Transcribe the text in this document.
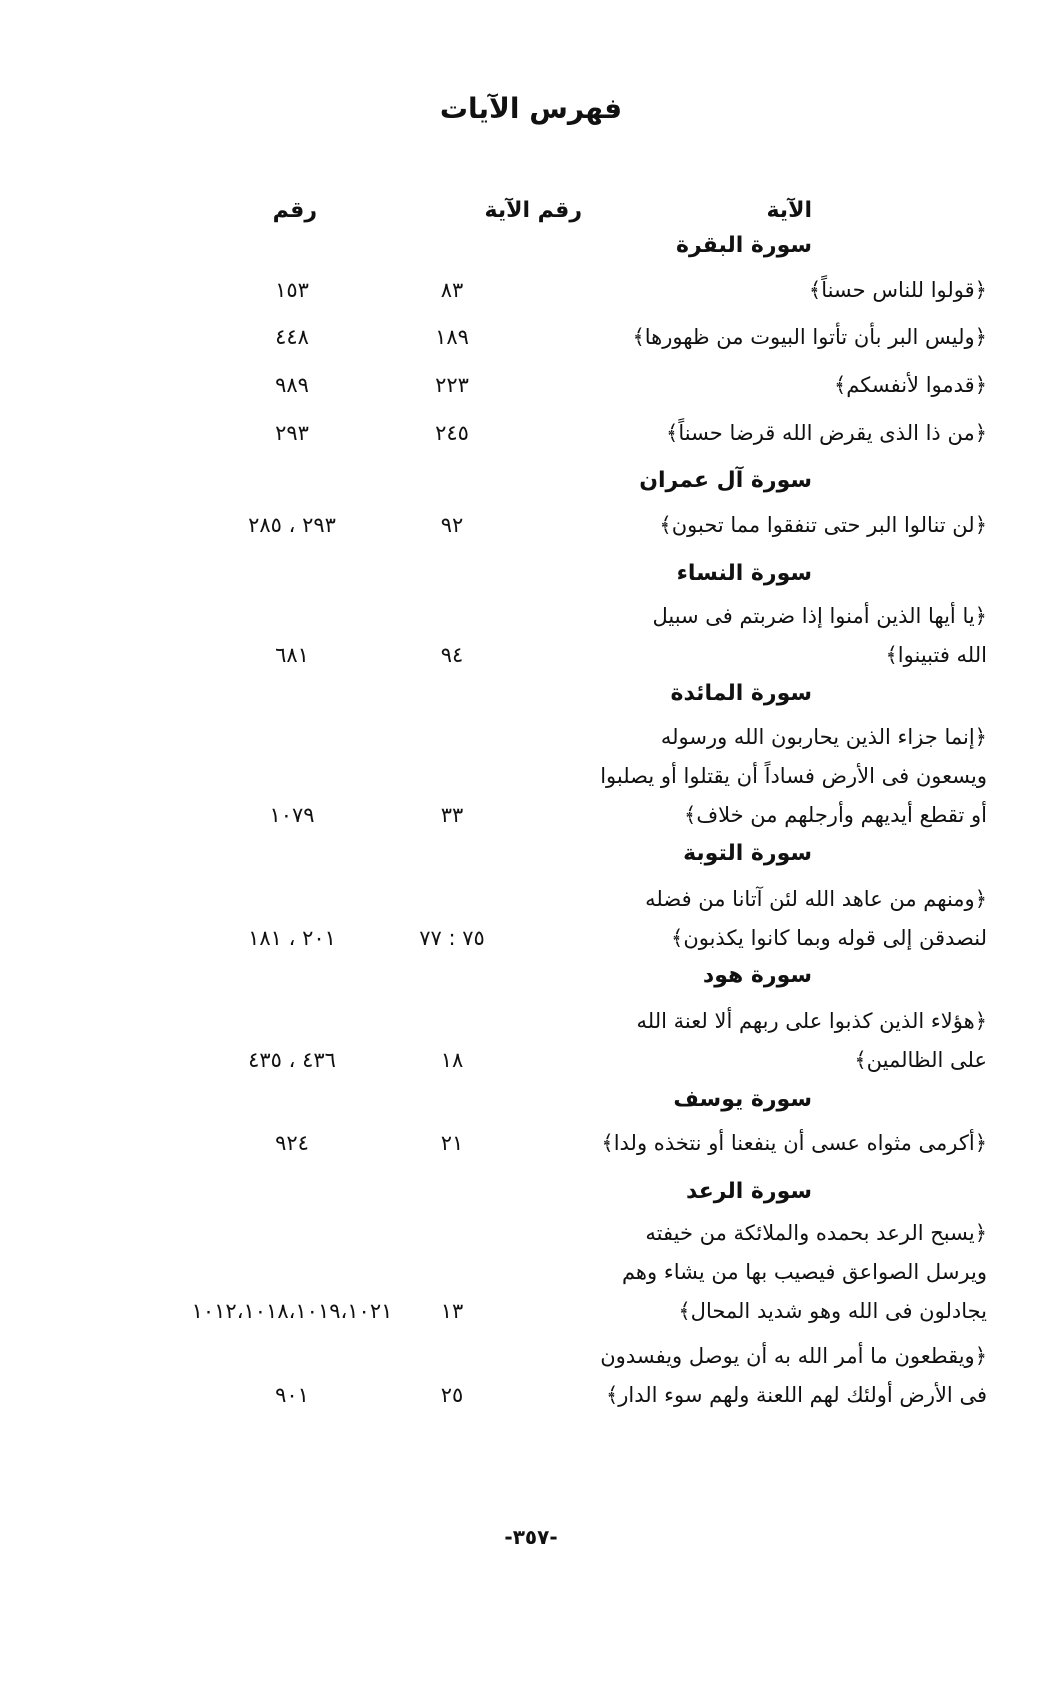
فهرس الآيات
الآية
رقم الآية
رقم
سورة البقرة
﴿قولوا للناس حسناً﴾
٨٣
١٥٣
﴿وليس البر بأن تأتوا البيوت من ظهورها﴾
١٨٩
٤٤٨
﴿قدموا لأنفسكم﴾
٢٢٣
٩٨٩
﴿من ذا الذى يقرض الله قرضا حسناً﴾
٢٤٥
٢٩٣
سورة آل عمران
﴿لن تنالوا البر حتى تنفقوا مما تحبون﴾
٩٢
٢٩٣ ، ٢٨٥
سورة النساء
﴿يا أيها الذين أمنوا إذا ضربتم فى سبيل
الله فتبينوا﴾
٩٤
٦٨١
سورة المائدة
﴿إنما جزاء الذين يحاربون الله ورسوله
ويسعون فى الأرض فساداً أن يقتلوا أو يصلبوا
أو تقطع أيديهم وأرجلهم من خلاف﴾
٣٣
١٠٧٩
سورة التوبة
﴿ومنهم من عاهد الله لئن آتانا من فضله
لنصدقن إلى قوله وبما كانوا يكذبون﴾
٧٥ : ٧٧
٢٠١ ، ١٨١
سورة هود
﴿هؤلاء الذين كذبوا على ربهم ألا لعنة الله
على الظالمين﴾
١٨
٤٣٦ ، ٤٣٥
سورة يوسف
﴿أكرمى مثواه عسى أن ينفعنا أو نتخذه ولدا﴾
٢١
٩٢٤
سورة الرعد
﴿يسبح الرعد بحمده والملائكة من خيفته
ويرسل الصواعق فيصيب بها من يشاء وهم
يجادلون فى الله وهو شديد المحال﴾
١٣
١٠١٢،١٠١٨،١٠١٩،١٠٢١
﴿ويقطعون ما أمر الله به أن يوصل ويفسدون
فى الأرض أولئك لهم اللعنة ولهم سوء الدار﴾
٢٥
٩٠١
-٣٥٧-
